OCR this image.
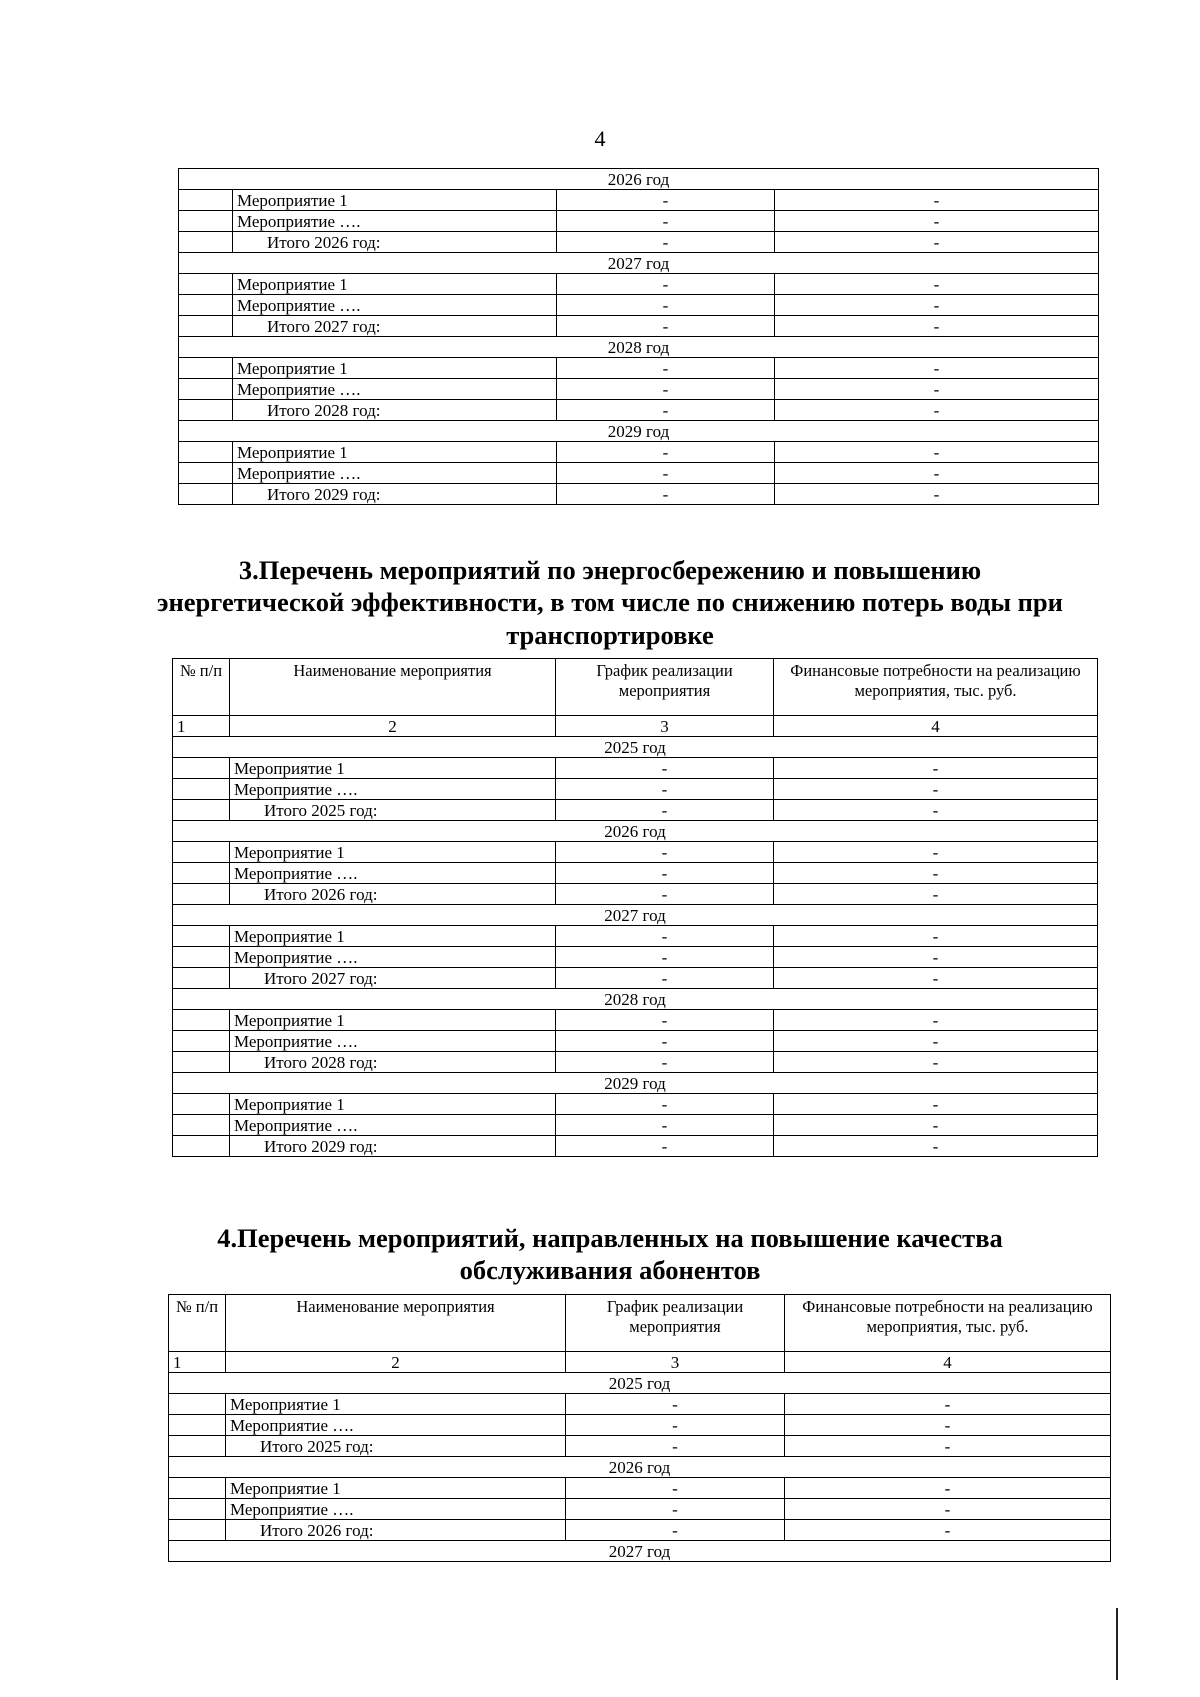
4
2026 год			
	Мероприятие 1	-	-
	Мероприятие ….	-	-
	Итого 2026 год:	-	-
2027 год			
	Мероприятие 1	-	-
	Мероприятие ….	-	-
	Итого 2027 год:	-	-
2028 год			
	Мероприятие 1	-	-
	Мероприятие ….	-	-
	Итого 2028 год:	-	-
2029 год			
	Мероприятие 1	-	-
	Мероприятие ….	-	-
	Итого 2029 год:	-	-
3.Перечень мероприятий по энергосбережению и повышению
энергетической эффективности, в том числе по снижению потерь воды при
транспортировке
№ п/п	Наименование мероприятия	График реализации мероприятия	Финансовые потребности на реализацию мероприятия, тыс. руб.
1	2	3	4
2025 год			
	Мероприятие 1	-	-
	Мероприятие ….	-	-
	Итого 2025 год:	-	-
2026 год			
	Мероприятие 1	-	-
	Мероприятие ….	-	-
	Итого 2026 год:	-	-
2027 год			
	Мероприятие 1	-	-
	Мероприятие ….	-	-
	Итого 2027 год:	-	-
2028 год			
	Мероприятие 1	-	-
	Мероприятие ….	-	-
	Итого 2028 год:	-	-
2029 год			
	Мероприятие 1	-	-
	Мероприятие ….	-	-
	Итого 2029 год:	-	-
4.Перечень мероприятий, направленных на повышение качества
обслуживания абонентов
№ п/п	Наименование мероприятия	График реализации мероприятия	Финансовые потребности на реализацию мероприятия, тыс. руб.
1	2	3	4
2025 год			
	Мероприятие 1	-	-
	Мероприятие ….	-	-
	Итого 2025 год:	-	-
2026 год			
	Мероприятие 1	-	-
	Мероприятие ….	-	-
	Итого 2026 год:	-	-
2027 год			
